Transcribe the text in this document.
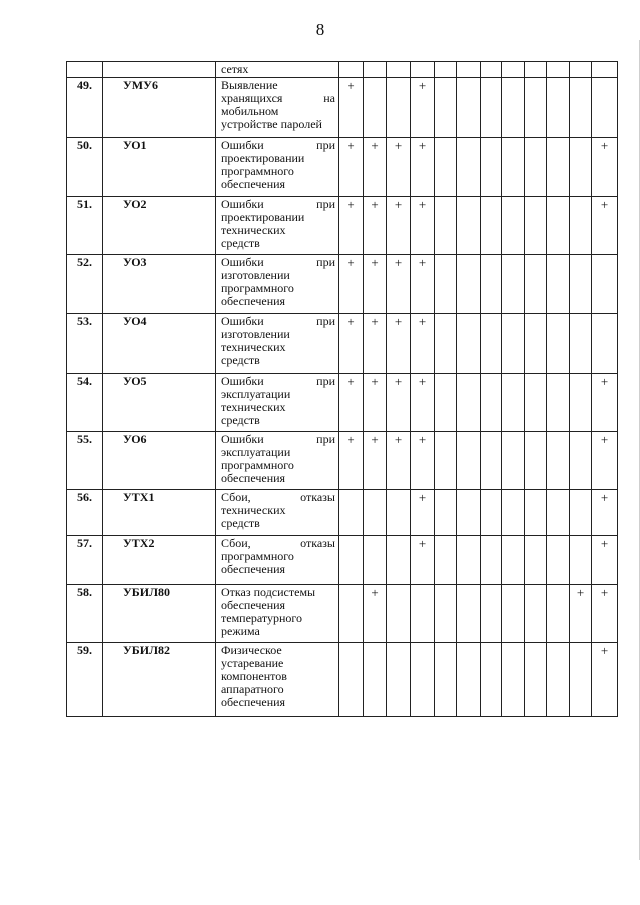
8

		сетях												

49.	УМУ6	Выявление
хранящихся на
мобильном
устройстве паролей	+			+								
50.	УО1	Ошибки при
проектировании
программного
обеспечения	+	+	+	+								+
51.	УО2	Ошибки при
проектировании
технических
средств	+	+	+	+								+
52.	УО3	Ошибки при
изготовлении
программного
обеспечения	+	+	+	+								
53.	УО4	Ошибки при
изготовлении
технических
средств	+	+	+	+								
54.	УО5	Ошибки при
эксплуатации
технических
средств	+	+	+	+								+
55.	УО6	Ошибки при
эксплуатации
программного
обеспечения	+	+	+	+								+
56.	УТХ1	Сбои, отказы
технических
средств				+								+
57.	УТХ2	Сбои, отказы
программного
обеспечения				+								+
58.	УБИЛ80	Отказ подсистемы
обеспечения
температурного
режима		+									+	+
59.	УБИЛ82	Физическое
устаревание
компонентов
аппаратного
обеспечения												+
